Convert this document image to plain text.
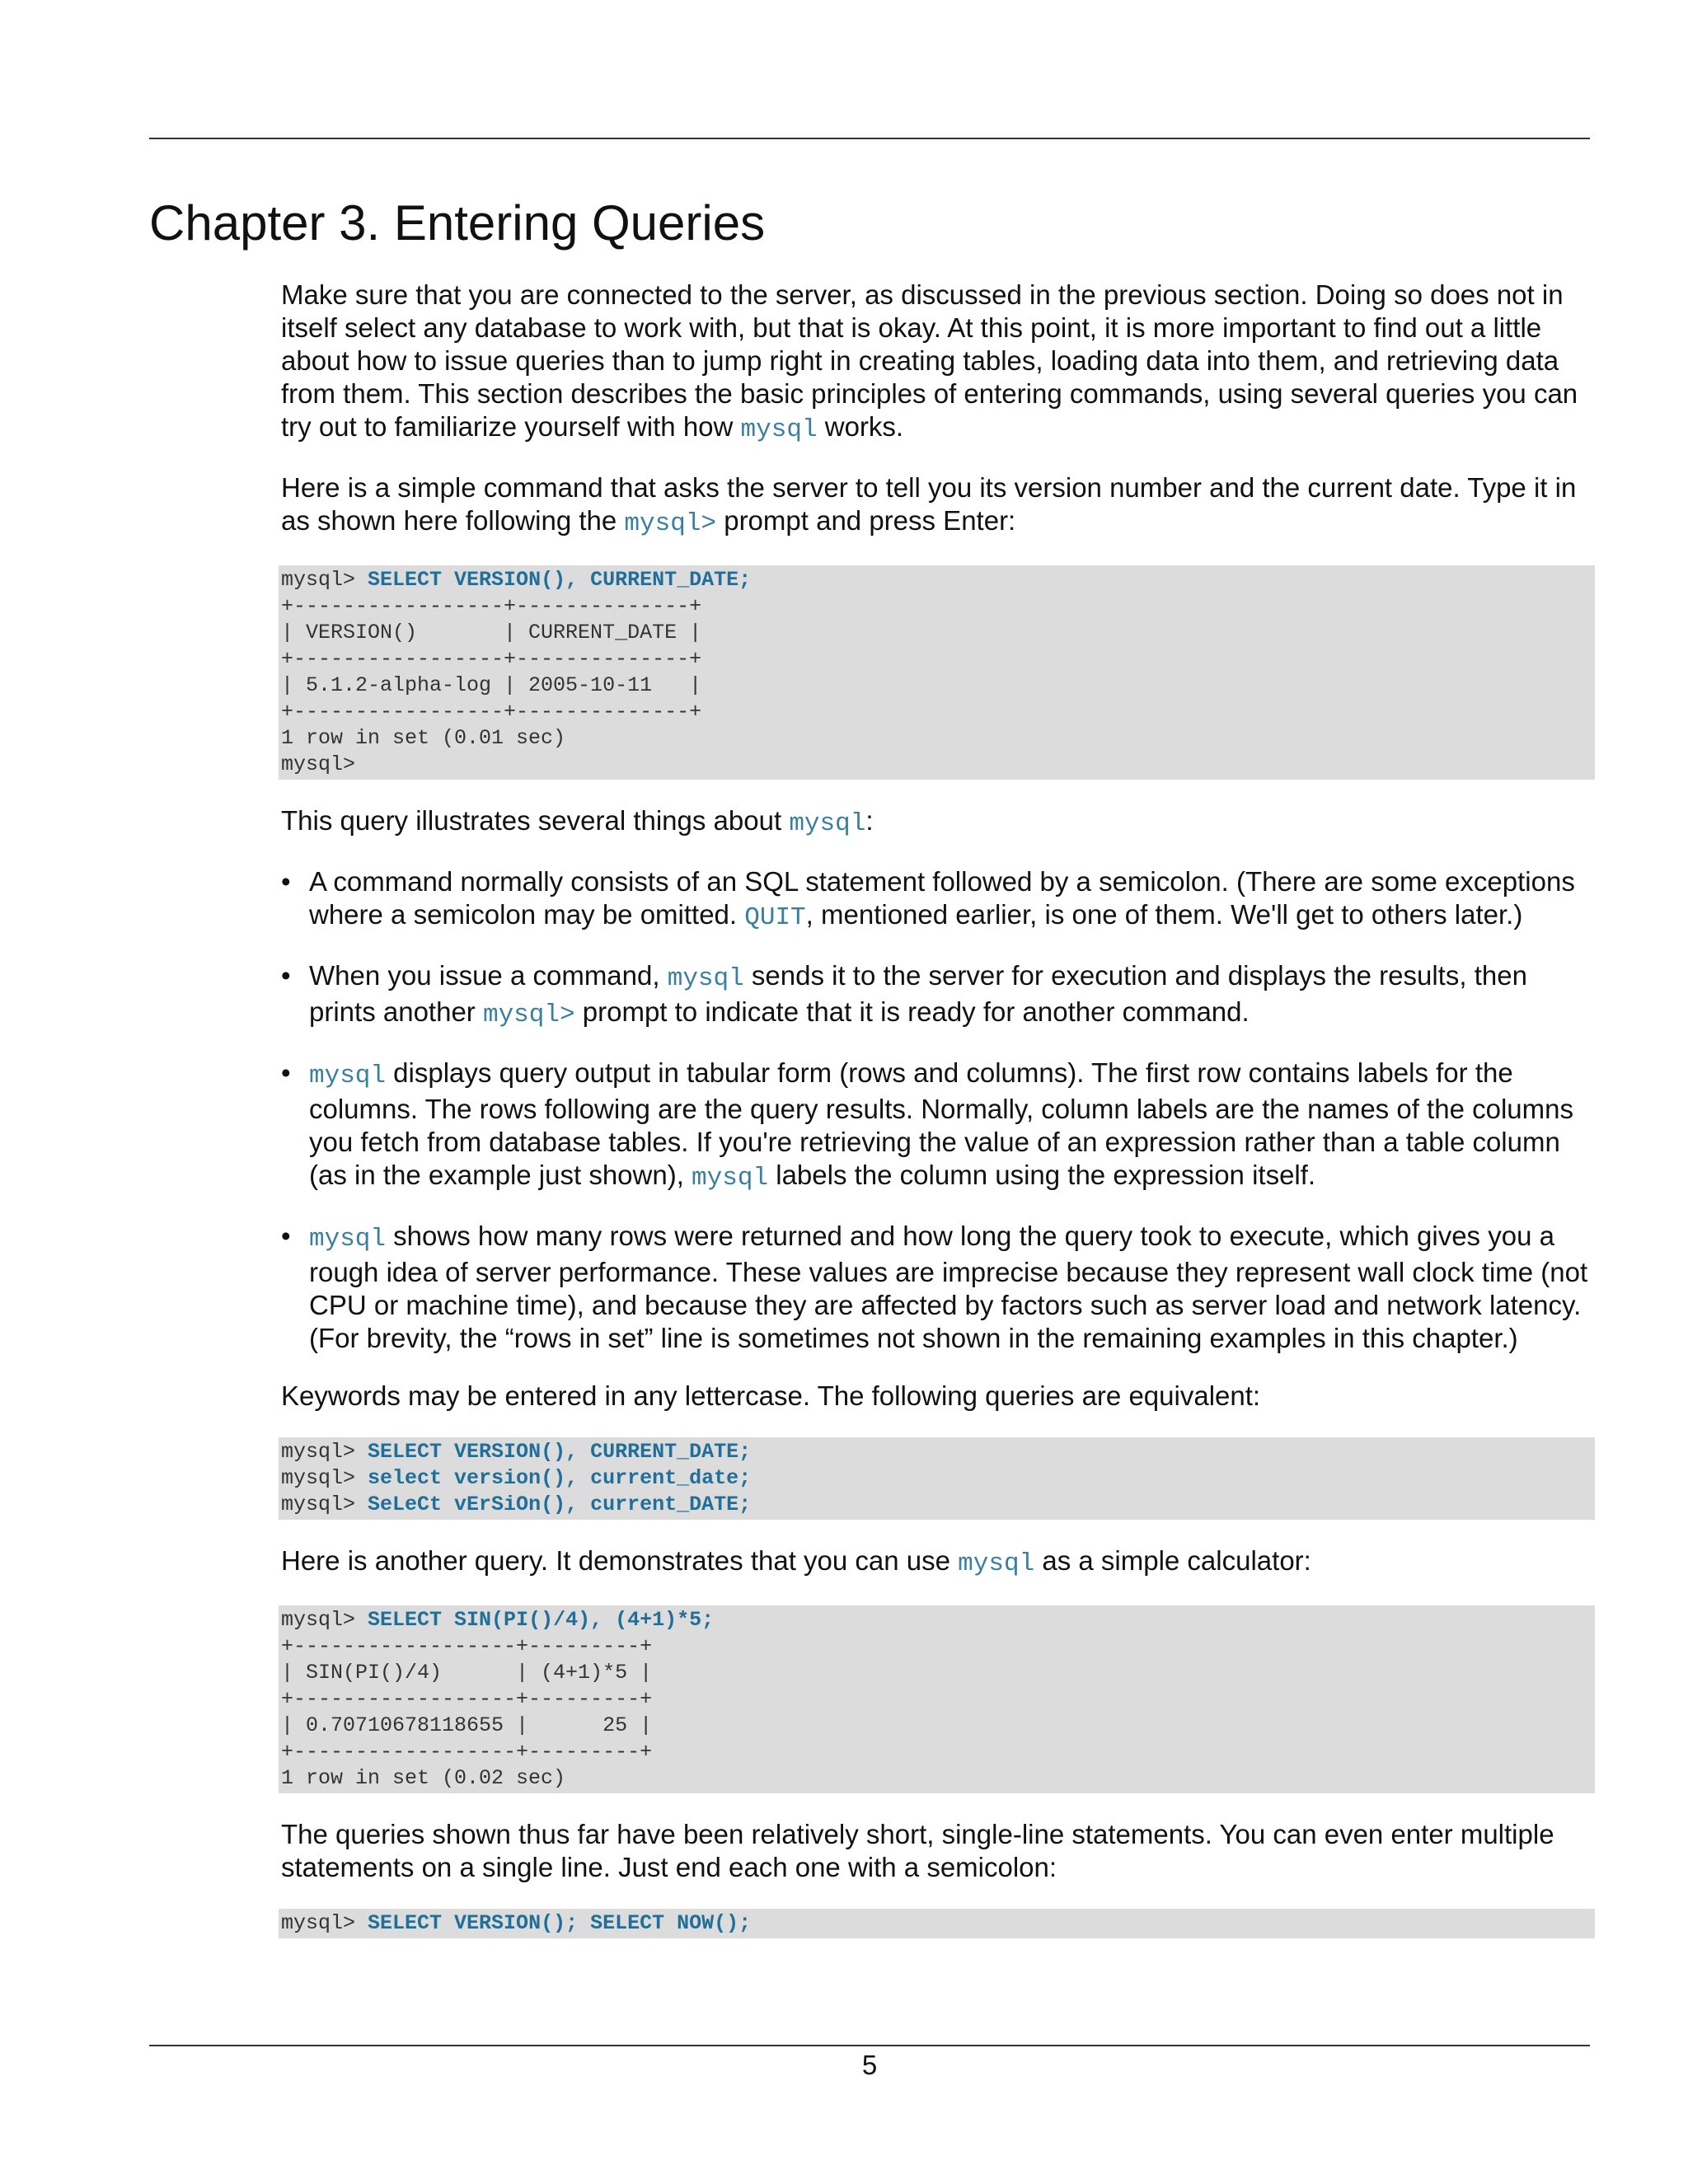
Chapter 3. Entering Queries

Make sure that you are connected to the server, as discussed in the previous section. Doing so does not in itself select any database to work with, but that is okay. At this point, it is more important to find out a little about how to issue queries than to jump right in creating tables, loading data into them, and retrieving data from them. This section describes the basic principles of entering commands, using several queries you can try out to familiarize yourself with how mysql works.

Here is a simple command that asks the server to tell you its version number and the current date. Type it in as shown here following the mysql> prompt and press Enter:

mysql> SELECT VERSION(), CURRENT_DATE;
+-----------------+--------------+
| VERSION()       | CURRENT_DATE |
+-----------------+--------------+
| 5.1.2-alpha-log | 2005-10-11   |
+-----------------+--------------+
1 row in set (0.01 sec)
mysql>

This query illustrates several things about mysql:

• A command normally consists of an SQL statement followed by a semicolon. (There are some exceptions where a semicolon may be omitted. QUIT, mentioned earlier, is one of them. We'll get to others later.)
• When you issue a command, mysql sends it to the server for execution and displays the results, then prints another mysql> prompt to indicate that it is ready for another command.
• mysql displays query output in tabular form (rows and columns). The first row contains labels for the columns. The rows following are the query results. Normally, column labels are the names of the columns you fetch from database tables. If you're retrieving the value of an expression rather than a table column (as in the example just shown), mysql labels the column using the expression itself.
• mysql shows how many rows were returned and how long the query took to execute, which gives you a rough idea of server performance. These values are imprecise because they represent wall clock time (not CPU or machine time), and because they are affected by factors such as server load and network latency. (For brevity, the “rows in set” line is sometimes not shown in the remaining examples in this chapter.)

Keywords may be entered in any lettercase. The following queries are equivalent:

mysql> SELECT VERSION(), CURRENT_DATE;
mysql> select version(), current_date;
mysql> SeLeCt vErSiOn(), current_DATE;

Here is another query. It demonstrates that you can use mysql as a simple calculator:

mysql> SELECT SIN(PI()/4), (4+1)*5;
+------------------+---------+
| SIN(PI()/4)      | (4+1)*5 |
+------------------+---------+
| 0.70710678118655 |      25 |
+------------------+---------+
1 row in set (0.02 sec)

The queries shown thus far have been relatively short, single-line statements. You can even enter multiple statements on a single line. Just end each one with a semicolon:

mysql> SELECT VERSION(); SELECT NOW();
5
